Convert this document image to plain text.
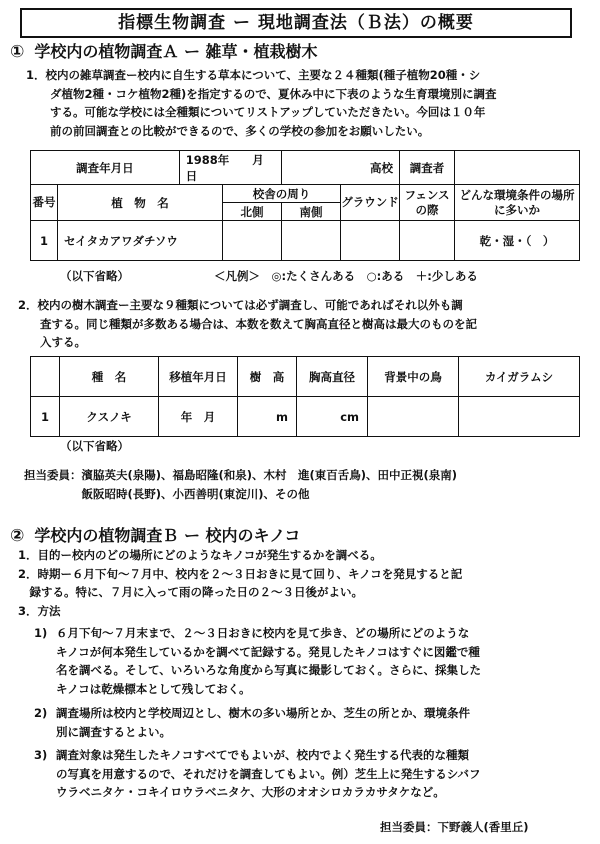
指標生物調査 ー 現地調査法（Ｂ法）の概要
① 学校内の植物調査Ａ ー 雑草・植栽樹木
1．校内の雑草調査ー校内に自生する草本について、主要な２４種類(種子植物20種・シ
ダ植物2種・コケ植物2種)を指定するので、夏休み中に下表のような生育環境別に調査
する。可能な学校には全種類についてリストアップしていただきたい。今回は１０年
前の前回調査との比較ができるので、多くの学校の参加をお願いしたい。
調査年月日		1988年　　月　　日		高校		調査者	
番号	植　物　名		校舎の周り		グラウンド	フェンスの際	どんな環境条件の場所に多いか
			北側	南側			
1	セイタカアワダチソウ						乾・湿・（　）
（以下省略）	＜凡例＞　◎:たくさんある　○:ある　＋:少しある
2．校内の樹木調査ー主要な９種類については必ず調査し、可能であればそれ以外も調
査する。同じ種類が多数ある場合は、本数を数えて胸高直径と樹高は最大のものを記
入する。
	種　名	移植年月日	樹　高	胸高直径	背景中の鳥	カイガラムシ
1	クスノキ	年　月	m	cm		
（以下省略）
担当委員：濱脇英夫(泉陽)、福島昭隆(和泉)、木村　進(東百舌鳥)、田中正視(泉南)
　　　　　飯阪昭時(長野)、小西善明(東淀川)、その他
② 学校内の植物調査Ｂ ー 校内のキノコ
1．目的ー校内のどの場所にどのようなキノコが発生するかを調べる。
2．時期ー６月下旬～７月中、校内を２～３日おきに見て回り、キノコを発見すると記
　録する。特に、７月に入って雨の降った日の２～３日後がよい。
3．方法
1) ６月下旬～７月末まで、２～３日おきに校内を見て歩き、どの場所にどのような
キノコが何本発生しているかを調べて記録する。発見したキノコはすぐに図鑑で種
名を調べる。そして、いろいろな角度から写真に撮影しておく。さらに、採集した
キノコは乾燥標本として残しておく。
2) 調査場所は校内と学校周辺とし、樹木の多い場所とか、芝生の所とか、環境条件
別に調査するとよい。
3) 調査対象は発生したキノコすべてでもよいが、校内でよく発生する代表的な種類
の写真を用意するので、それだけを調査してもよい。例）芝生上に発生するシバフ
ウラベニタケ・コキイロウラベニタケ、大形のオオシロカラカサタケなど。
担当委員：下野義人(香里丘)
